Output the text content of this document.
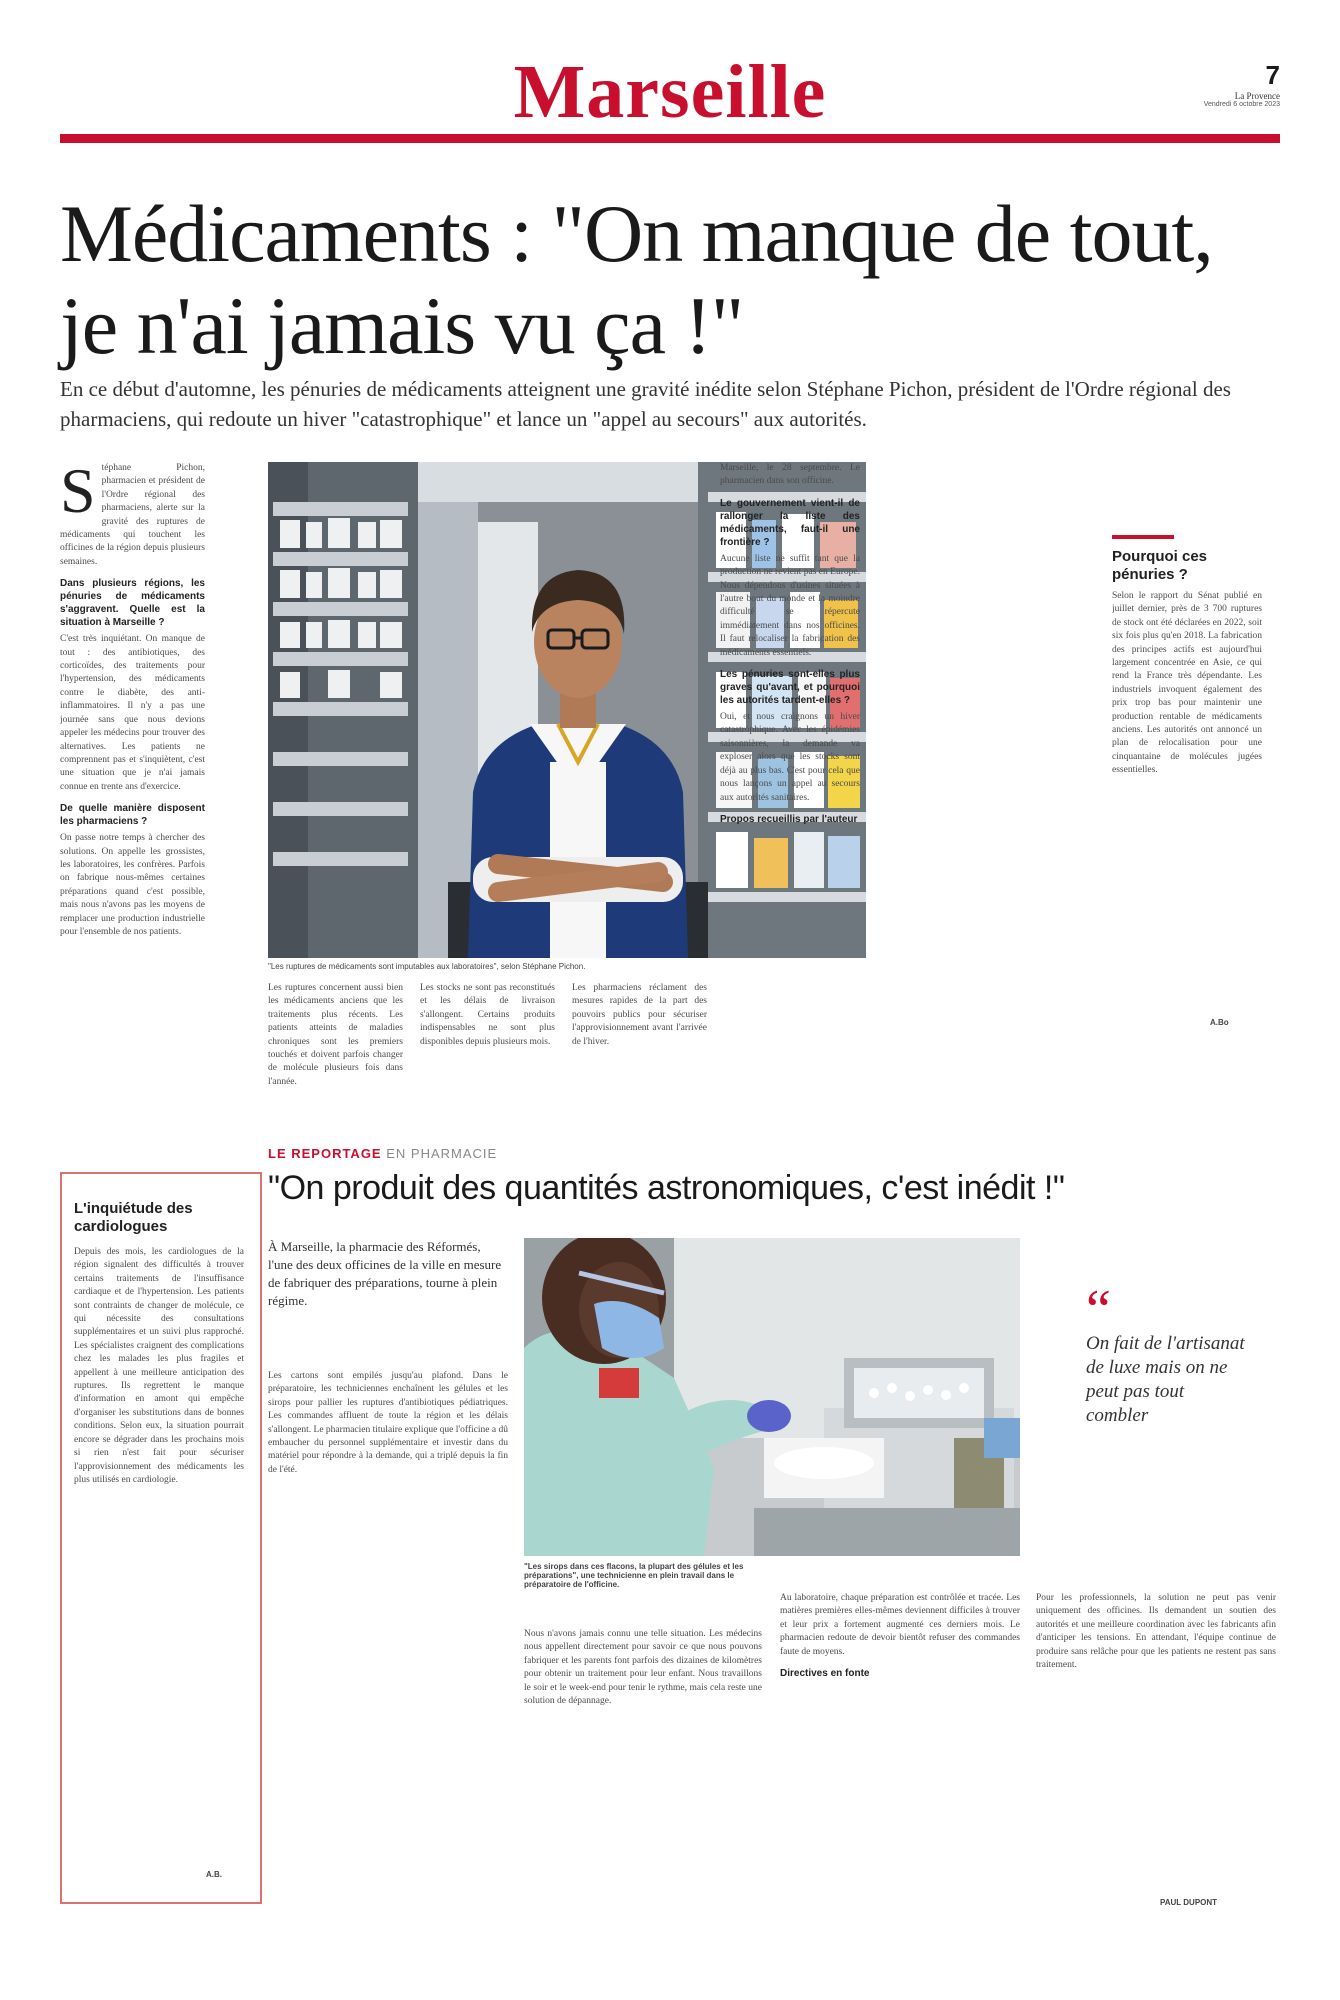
Marseille	7
La Provence
Vendredi 6 octobre 2023
Médicaments : "On manque de tout, je n'ai jamais vu ça !"
En ce début d'automne, les pénuries de médicaments atteignent une gravité inédite selon Stéphane Pichon, président de l'Ordre régional des pharmaciens, qui redoute un hiver "catastrophique" et lance un "appel au secours" aux autorités.
S téphane Pichon, pharmacien et président de l'Ordre régional des pharmaciens, alerte sur la gravité des ruptures de médicaments qui touchent les officines de la région depuis plusieurs semaines.
Dans plusieurs régions, les pénuries de médicaments s'aggravent. Quelle est la situation à Marseille ?
C'est très inquiétant. On manque de tout : des antibiotiques, des corticoïdes, des traitements pour l'hypertension, des médicaments contre le diabète, des anti-inflammatoires. Il n'y a pas une journée sans que nous devions appeler les médecins pour trouver des alternatives. Les patients ne comprennent pas et s'inquiètent, c'est une situation que je n'ai jamais connue en trente ans d'exercice.
De quelle manière disposent les pharmaciens ?
On passe notre temps à chercher des solutions. On appelle les grossistes, les laboratoires, les confrères. Parfois on fabrique nous-mêmes certaines préparations quand c'est possible, mais nous n'avons pas les moyens de remplacer une production industrielle pour l'ensemble de nos patients.
"Les ruptures de médicaments sont imputables aux laboratoires", selon Stéphane Pichon.
Les ruptures concernent aussi bien les médicaments anciens que les traitements plus récents. Les patients atteints de maladies chroniques sont les premiers touchés et doivent parfois changer de molécule plusieurs fois dans l'année.
Les stocks ne sont pas reconstitués et les délais de livraison s'allongent. Certains produits indispensables ne sont plus disponibles depuis plusieurs mois.
Les pharmaciens réclament des mesures rapides de la part des pouvoirs publics pour sécuriser l'approvisionnement avant l'arrivée de l'hiver.
Marseille, le 28 septembre. Le pharmacien dans son officine.
Le gouvernement vient-il de rallonger la liste des médicaments, faut-il une frontière ?
Aucune liste ne suffit tant que la production ne revient pas en Europe. Nous dépendons d'usines situées à l'autre bout du monde et la moindre difficulté se répercute immédiatement dans nos officines. Il faut relocaliser la fabrication des médicaments essentiels.
Les pénuries sont-elles plus graves qu'avant, et pourquoi les autorités tardent-elles ?
Oui, et nous craignons un hiver catastrophique. Avec les épidémies saisonnières, la demande va exploser alors que les stocks sont déjà au plus bas. C'est pour cela que nous lançons un appel au secours aux autorités sanitaires.
Propos recueillis par l'auteur
Pourquoi ces pénuries ?
Selon le rapport du Sénat publié en juillet dernier, près de 3 700 ruptures de stock ont été déclarées en 2022, soit six fois plus qu'en 2018. La fabrication des principes actifs est aujourd'hui largement concentrée en Asie, ce qui rend la France très dépendante. Les industriels invoquent également des prix trop bas pour maintenir une production rentable de médicaments anciens. Les autorités ont annoncé un plan de relocalisation pour une cinquantaine de molécules jugées essentielles.
A.Bo
LE REPORTAGE EN PHARMACIE
"On produit des quantités astronomiques, c'est inédit !"
L'inquiétude des cardiologues
Depuis des mois, les cardiologues de la région signalent des difficultés à trouver certains traitements de l'insuffisance cardiaque et de l'hypertension. Les patients sont contraints de changer de molécule, ce qui nécessite des consultations supplémentaires et un suivi plus rapproché. Les spécialistes craignent des complications chez les malades les plus fragiles et appellent à une meilleure anticipation des ruptures. Ils regrettent le manque d'information en amont qui empêche d'organiser les substitutions dans de bonnes conditions. Selon eux, la situation pourrait encore se dégrader dans les prochains mois si rien n'est fait pour sécuriser l'approvisionnement des médicaments les plus utilisés en cardiologie.
A.B.
À Marseille, la pharmacie des Réformés, l'une des deux officines de la ville en mesure de fabriquer des préparations, tourne à plein régime.
Les cartons sont empilés jusqu'au plafond. Dans le préparatoire, les techniciennes enchaînent les gélules et les sirops pour pallier les ruptures d'antibiotiques pédiatriques. Les commandes affluent de toute la région et les délais s'allongent. Le pharmacien titulaire explique que l'officine a dû embaucher du personnel supplémentaire et investir dans du matériel pour répondre à la demande, qui a triplé depuis la fin de l'été.
"Les sirops dans ces flacons, la plupart des gélules et les préparations", une technicienne en plein travail dans le préparatoire de l'officine.
Nous n'avons jamais connu une telle situation. Les médecins nous appellent directement pour savoir ce que nous pouvons fabriquer et les parents font parfois des dizaines de kilomètres pour obtenir un traitement pour leur enfant. Nous travaillons le soir et le week-end pour tenir le rythme, mais cela reste une solution de dépannage.
Au laboratoire, chaque préparation est contrôlée et tracée. Les matières premières elles-mêmes deviennent difficiles à trouver et leur prix a fortement augmenté ces derniers mois. Le pharmacien redoute de devoir bientôt refuser des commandes faute de moyens.
Directives en fonte
Pour les professionnels, la solution ne peut pas venir uniquement des officines. Ils demandent un soutien des autorités et une meilleure coordination avec les fabricants afin d'anticiper les tensions. En attendant, l'équipe continue de produire sans relâche pour que les patients ne restent pas sans traitement.
PAUL DUPONT
“
On fait de l'artisanat de luxe mais on ne peut pas tout combler
